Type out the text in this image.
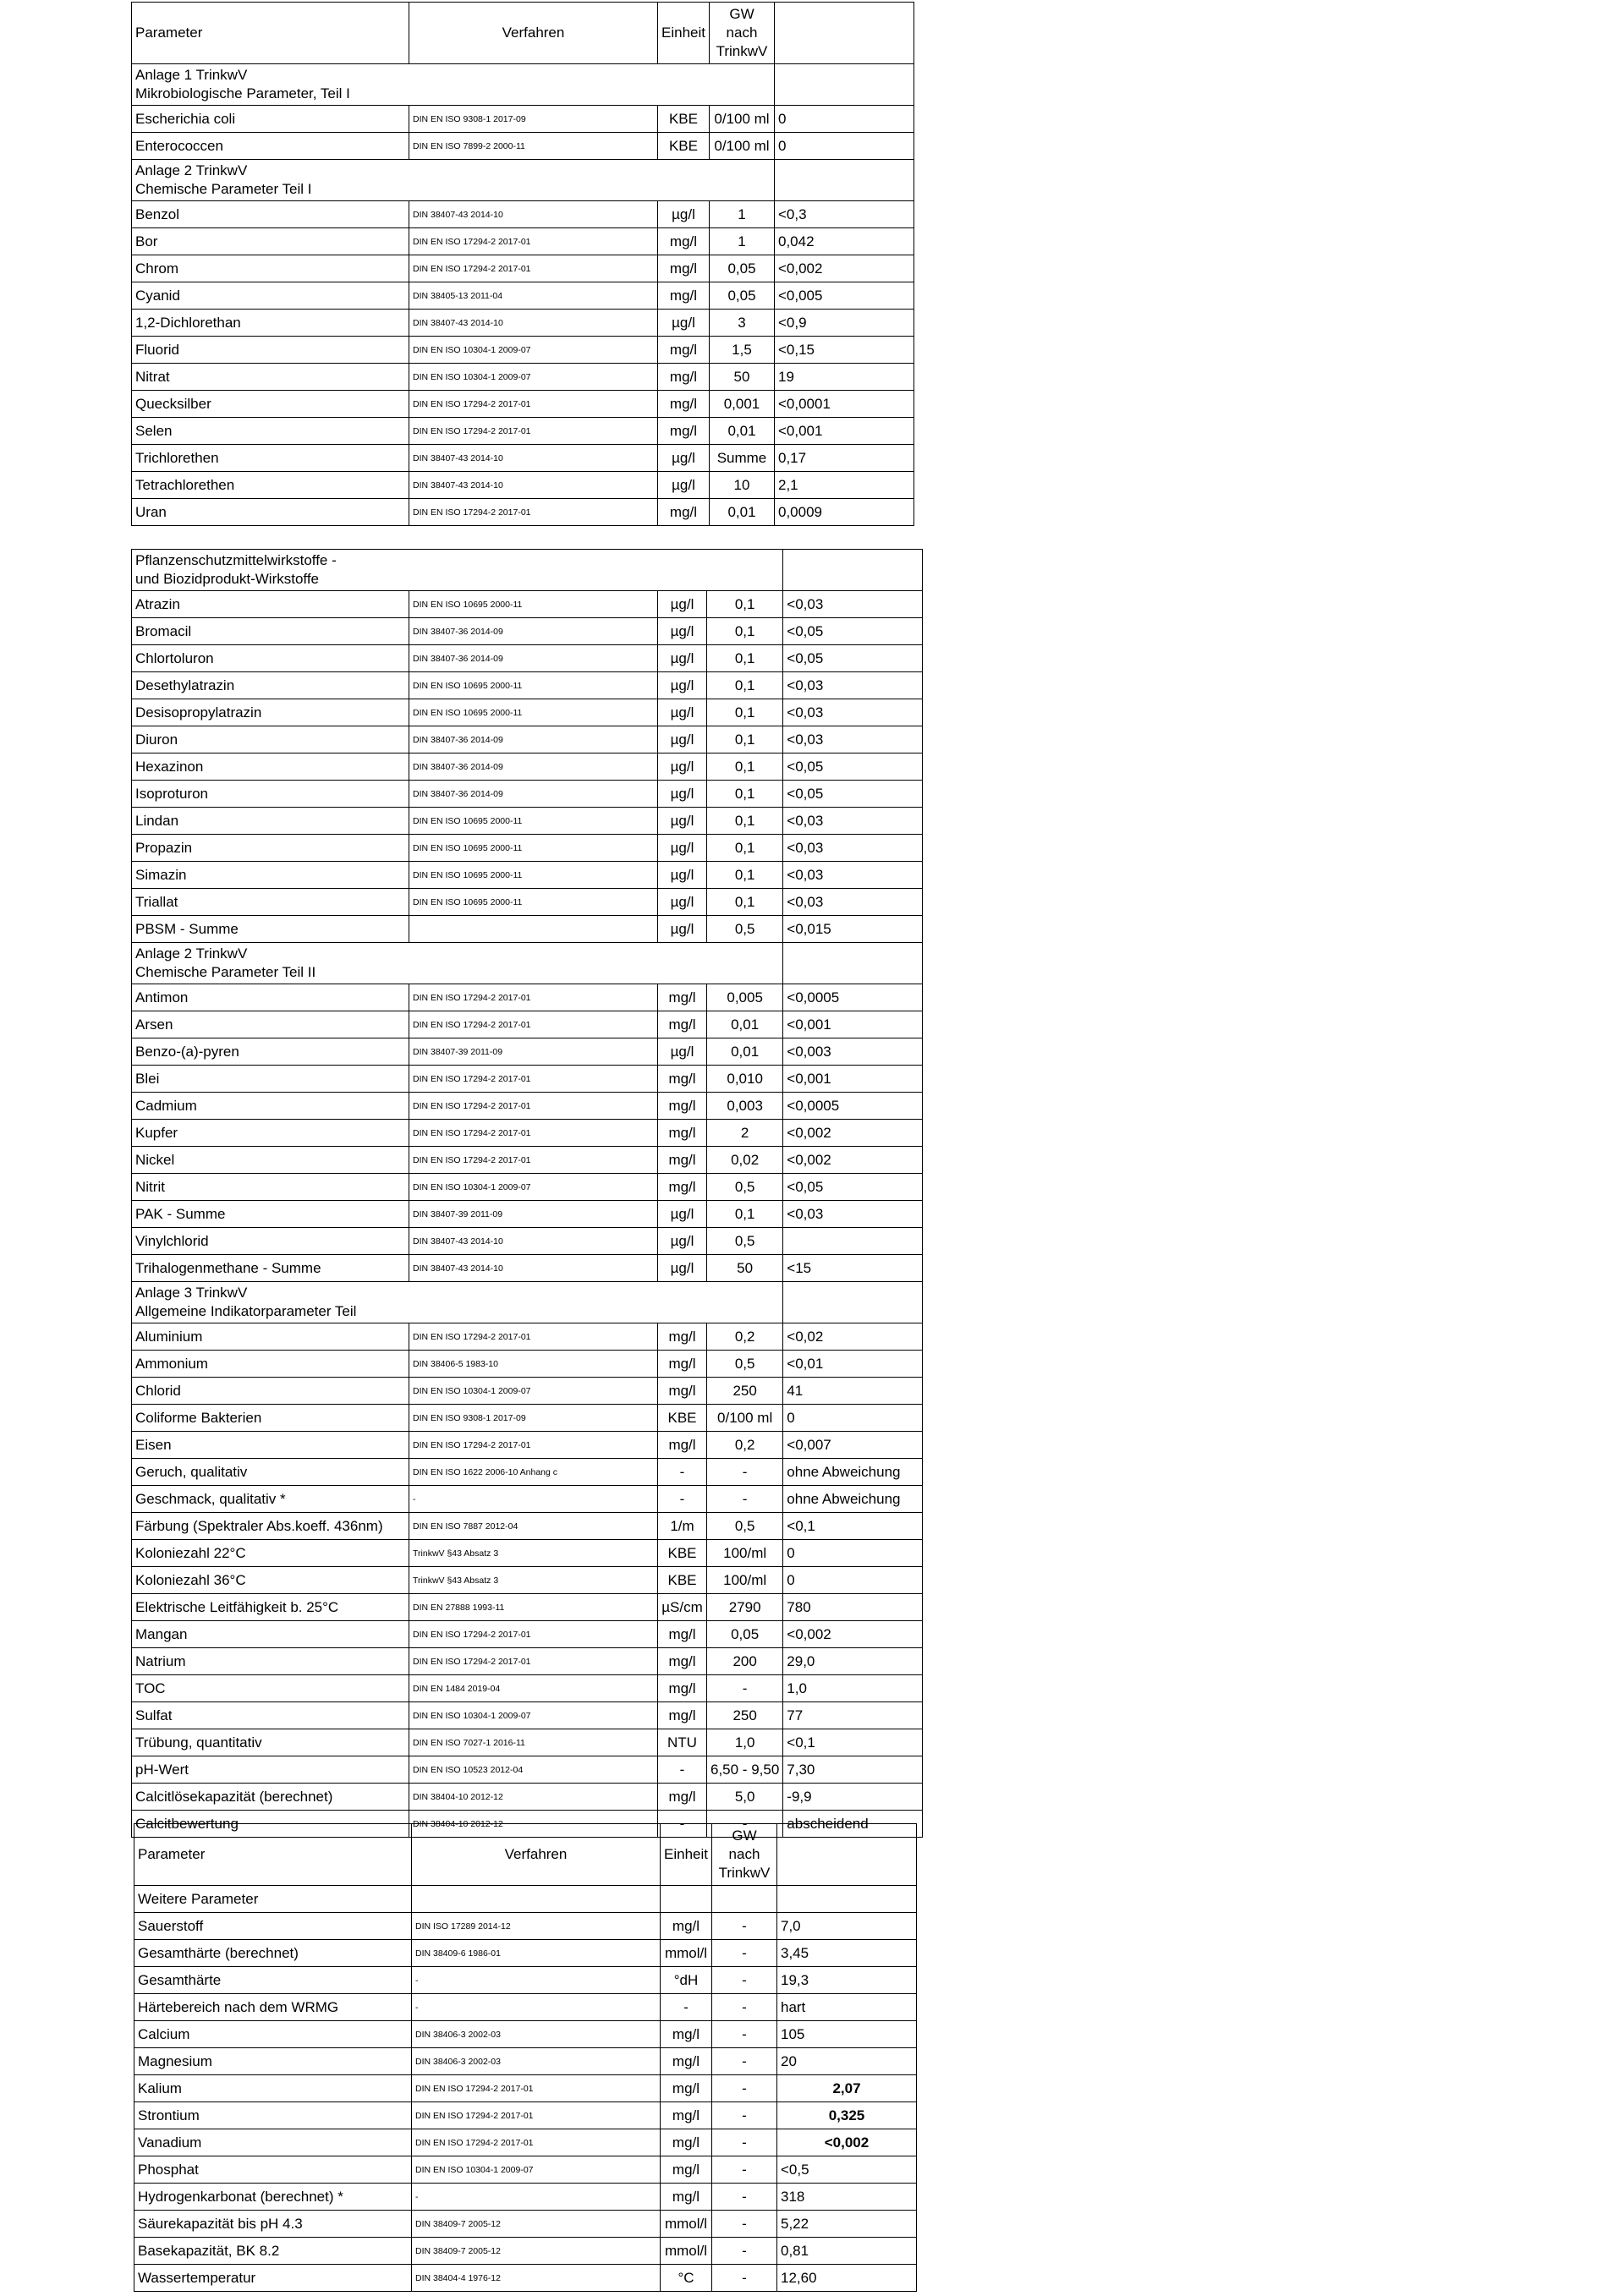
Parameter	Verfahren	Einheit	GW
nach
TrinkwV	
Anlage 1 TrinkwV
Mikrobiologische Parameter, Teil I				
Escherichia coli	DIN EN ISO 9308-1 2017-09	KBE	0/100 ml	0
Enterococcen	DIN EN ISO 7899-2 2000-11	KBE	0/100 ml	0
Anlage 2 TrinkwV
Chemische Parameter Teil I				
Benzol	DIN 38407-43 2014-10	µg/l	1	<0,3
Bor	DIN EN ISO 17294-2 2017-01	mg/l	1	0,042
Chrom	DIN EN ISO 17294-2 2017-01	mg/l	0,05	<0,002
Cyanid	DIN 38405-13 2011-04	mg/l	0,05	<0,005
1,2-Dichlorethan	DIN 38407-43 2014-10	µg/l	3	<0,9
Fluorid	DIN EN ISO 10304-1 2009-07	mg/l	1,5	<0,15
Nitrat	DIN EN ISO 10304-1 2009-07	mg/l	50	19
Quecksilber	DIN EN ISO 17294-2 2017-01	mg/l	0,001	<0,0001
Selen	DIN EN ISO 17294-2 2017-01	mg/l	0,01	<0,001
Trichlorethen	DIN 38407-43 2014-10	µg/l	Summe	0,17
Tetrachlorethen	DIN 38407-43 2014-10	µg/l	10	2,1
Uran	DIN EN ISO 17294-2 2017-01	mg/l	0,01	0,0009
Pflanzenschutzmittelwirkstoffe -
und Biozidprodukt-Wirkstoffe				
Atrazin	DIN EN ISO 10695 2000-11	µg/l	0,1	<0,03
Bromacil	DIN 38407-36 2014-09	µg/l	0,1	<0,05
Chlortoluron	DIN 38407-36 2014-09	µg/l	0,1	<0,05
Desethylatrazin	DIN EN ISO 10695 2000-11	µg/l	0,1	<0,03
Desisopropylatrazin	DIN EN ISO 10695 2000-11	µg/l	0,1	<0,03
Diuron	DIN 38407-36 2014-09	µg/l	0,1	<0,03
Hexazinon	DIN 38407-36 2014-09	µg/l	0,1	<0,05
Isoproturon	DIN 38407-36 2014-09	µg/l	0,1	<0,05
Lindan	DIN EN ISO 10695 2000-11	µg/l	0,1	<0,03
Propazin	DIN EN ISO 10695 2000-11	µg/l	0,1	<0,03
Simazin	DIN EN ISO 10695 2000-11	µg/l	0,1	<0,03
Triallat	DIN EN ISO 10695 2000-11	µg/l	0,1	<0,03
PBSM - Summe		µg/l	0,5	<0,015
Anlage 2 TrinkwV
Chemische Parameter Teil II				
Antimon	DIN EN ISO 17294-2 2017-01	mg/l	0,005	<0,0005
Arsen	DIN EN ISO 17294-2 2017-01	mg/l	0,01	<0,001
Benzo-(a)-pyren	DIN 38407-39 2011-09	µg/l	0,01	<0,003
Blei	DIN EN ISO 17294-2 2017-01	mg/l	0,010	<0,001
Cadmium	DIN EN ISO 17294-2 2017-01	mg/l	0,003	<0,0005
Kupfer	DIN EN ISO 17294-2 2017-01	mg/l	2	<0,002
Nickel	DIN EN ISO 17294-2 2017-01	mg/l	0,02	<0,002
Nitrit	DIN EN ISO 10304-1 2009-07	mg/l	0,5	<0,05
PAK - Summe	DIN 38407-39 2011-09	µg/l	0,1	<0,03
Vinylchlorid	DIN 38407-43 2014-10	µg/l	0,5	
Trihalogenmethane - Summe	DIN 38407-43 2014-10	µg/l	50	<15
Anlage 3 TrinkwV
Allgemeine Indikatorparameter Teil				
Aluminium	DIN EN ISO 17294-2 2017-01	mg/l	0,2	<0,02
Ammonium	DIN 38406-5 1983-10	mg/l	0,5	<0,01
Chlorid	DIN EN ISO 10304-1 2009-07	mg/l	250	41
Coliforme Bakterien	DIN EN ISO 9308-1 2017-09	KBE	0/100 ml	0
Eisen	DIN EN ISO 17294-2 2017-01	mg/l	0,2	<0,007
Geruch, qualitativ	DIN EN ISO 1622 2006-10 Anhang c	-	-	ohne Abweichung
Geschmack, qualitativ *	-	-	-	ohne Abweichung
Färbung (Spektraler Abs.koeff. 436nm)	DIN EN ISO 7887 2012-04	1/m	0,5	<0,1
Koloniezahl 22°C	TrinkwV §43 Absatz 3	KBE	100/ml	0
Koloniezahl 36°C	TrinkwV §43 Absatz 3	KBE	100/ml	0
Elektrische Leitfähigkeit b. 25°C	DIN EN 27888 1993-11	µS/cm	2790	780
Mangan	DIN EN ISO 17294-2 2017-01	mg/l	0,05	<0,002
Natrium	DIN EN ISO 17294-2 2017-01	mg/l	200	29,0
TOC	DIN EN 1484 2019-04	mg/l	-	1,0
Sulfat	DIN EN ISO 10304-1 2009-07	mg/l	250	77
Trübung, quantitativ	DIN EN ISO 7027-1 2016-11	NTU	1,0	<0,1
pH-Wert	DIN EN ISO 10523 2012-04	-	6,50 - 9,50	7,30
Calcitlösekapazität (berechnet)	DIN 38404-10 2012-12	mg/l	5,0	-9,9
Calcitbewertung	DIN 38404-10 2012-12	-	-	abscheidend
Parameter	Verfahren	Einheit	GW
nach
TrinkwV	
Weitere Parameter				
Sauerstoff	DIN ISO 17289 2014-12	mg/l	-	7,0
Gesamthärte (berechnet)	DIN 38409-6 1986-01	mmol/l	-	3,45
Gesamthärte	-	°dH	-	19,3
Härtebereich nach dem WRMG	-	-	-	hart
Calcium	DIN 38406-3 2002-03	mg/l	-	105
Magnesium	DIN 38406-3 2002-03	mg/l	-	20
Kalium	DIN EN ISO 17294-2 2017-01	mg/l	-	2,07
Strontium	DIN EN ISO 17294-2 2017-01	mg/l	-	0,325
Vanadium	DIN EN ISO 17294-2 2017-01	mg/l	-	<0,002
Phosphat	DIN EN ISO 10304-1 2009-07	mg/l	-	<0,5
Hydrogenkarbonat (berechnet) *	-	mg/l	-	318
Säurekapazität bis pH 4.3	DIN 38409-7 2005-12	mmol/l	-	5,22
Basekapazität, BK 8.2	DIN 38409-7 2005-12	mmol/l	-	0,81
Wassertemperatur	DIN 38404-4 1976-12	°C	-	12,60
